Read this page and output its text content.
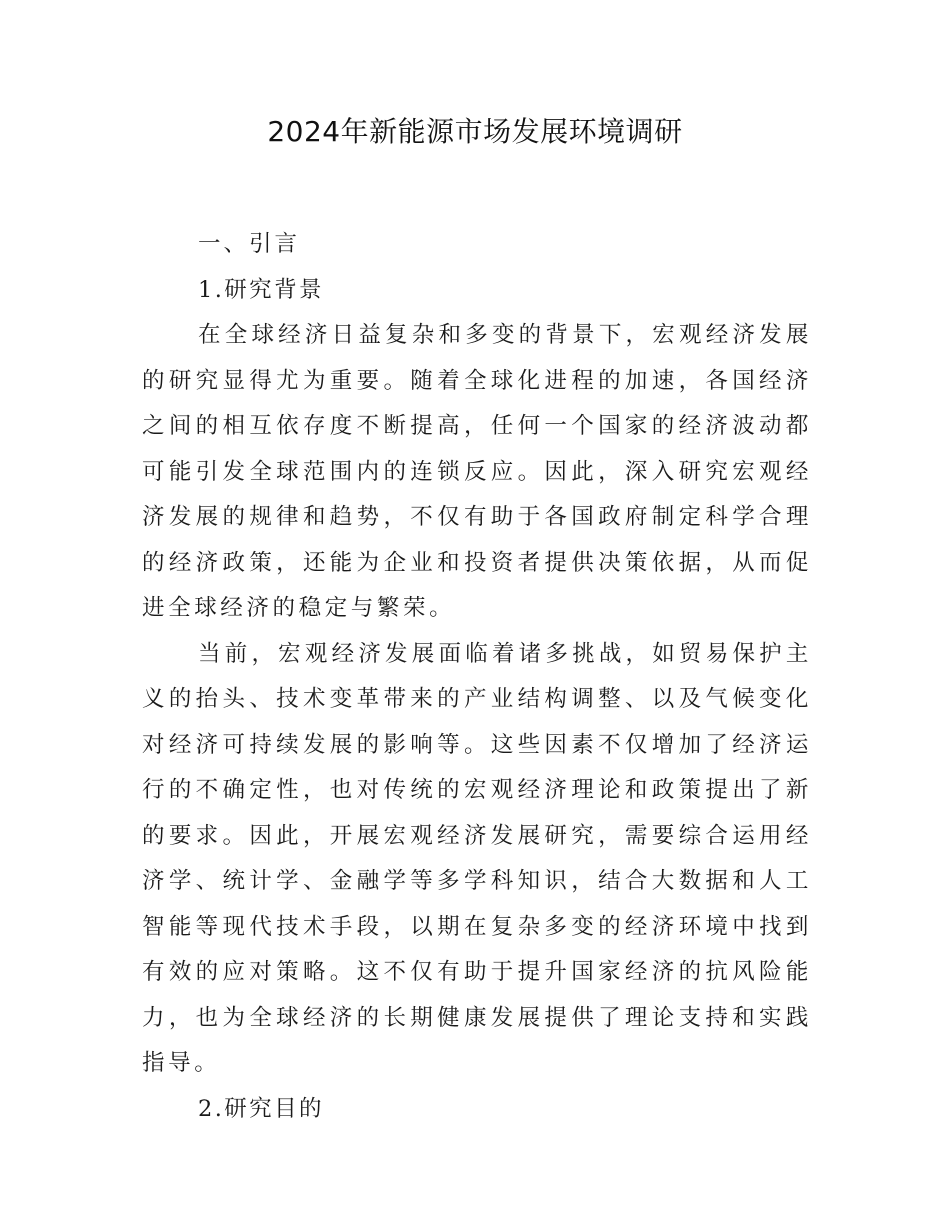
2024年新能源市场发展环境调研
一、引言
1.研究背景

在全球经济日益复杂和多变的背景下，宏观经济发展的研究显得尤为重要。随着全球化进程的加速，各国经济之间的相互依存度不断提高，任何一个国家的经济波动都可能引发全球范围内的连锁反应。因此，深入研究宏观经济发展的规律和趋势，不仅有助于各国政府制定科学合理的经济政策，还能为企业和投资者提供决策依据，从而促进全球经济的稳定与繁荣。

当前，宏观经济发展面临着诸多挑战，如贸易保护主义的抬头、技术变革带来的产业结构调整、以及气候变化对经济可持续发展的影响等。这些因素不仅增加了经济运行的不确定性，也对传统的宏观经济理论和政策提出了新的要求。因此，开展宏观经济发展研究，需要综合运用经济学、统计学、金融学等多学科知识，结合大数据和人工智能等现代技术手段，以期在复杂多变的经济环境中找到有效的应对策略。这不仅有助于提升国家经济的抗风险能力，也为全球经济的长期健康发展提供了理论支持和实践指导。

2.研究目的
